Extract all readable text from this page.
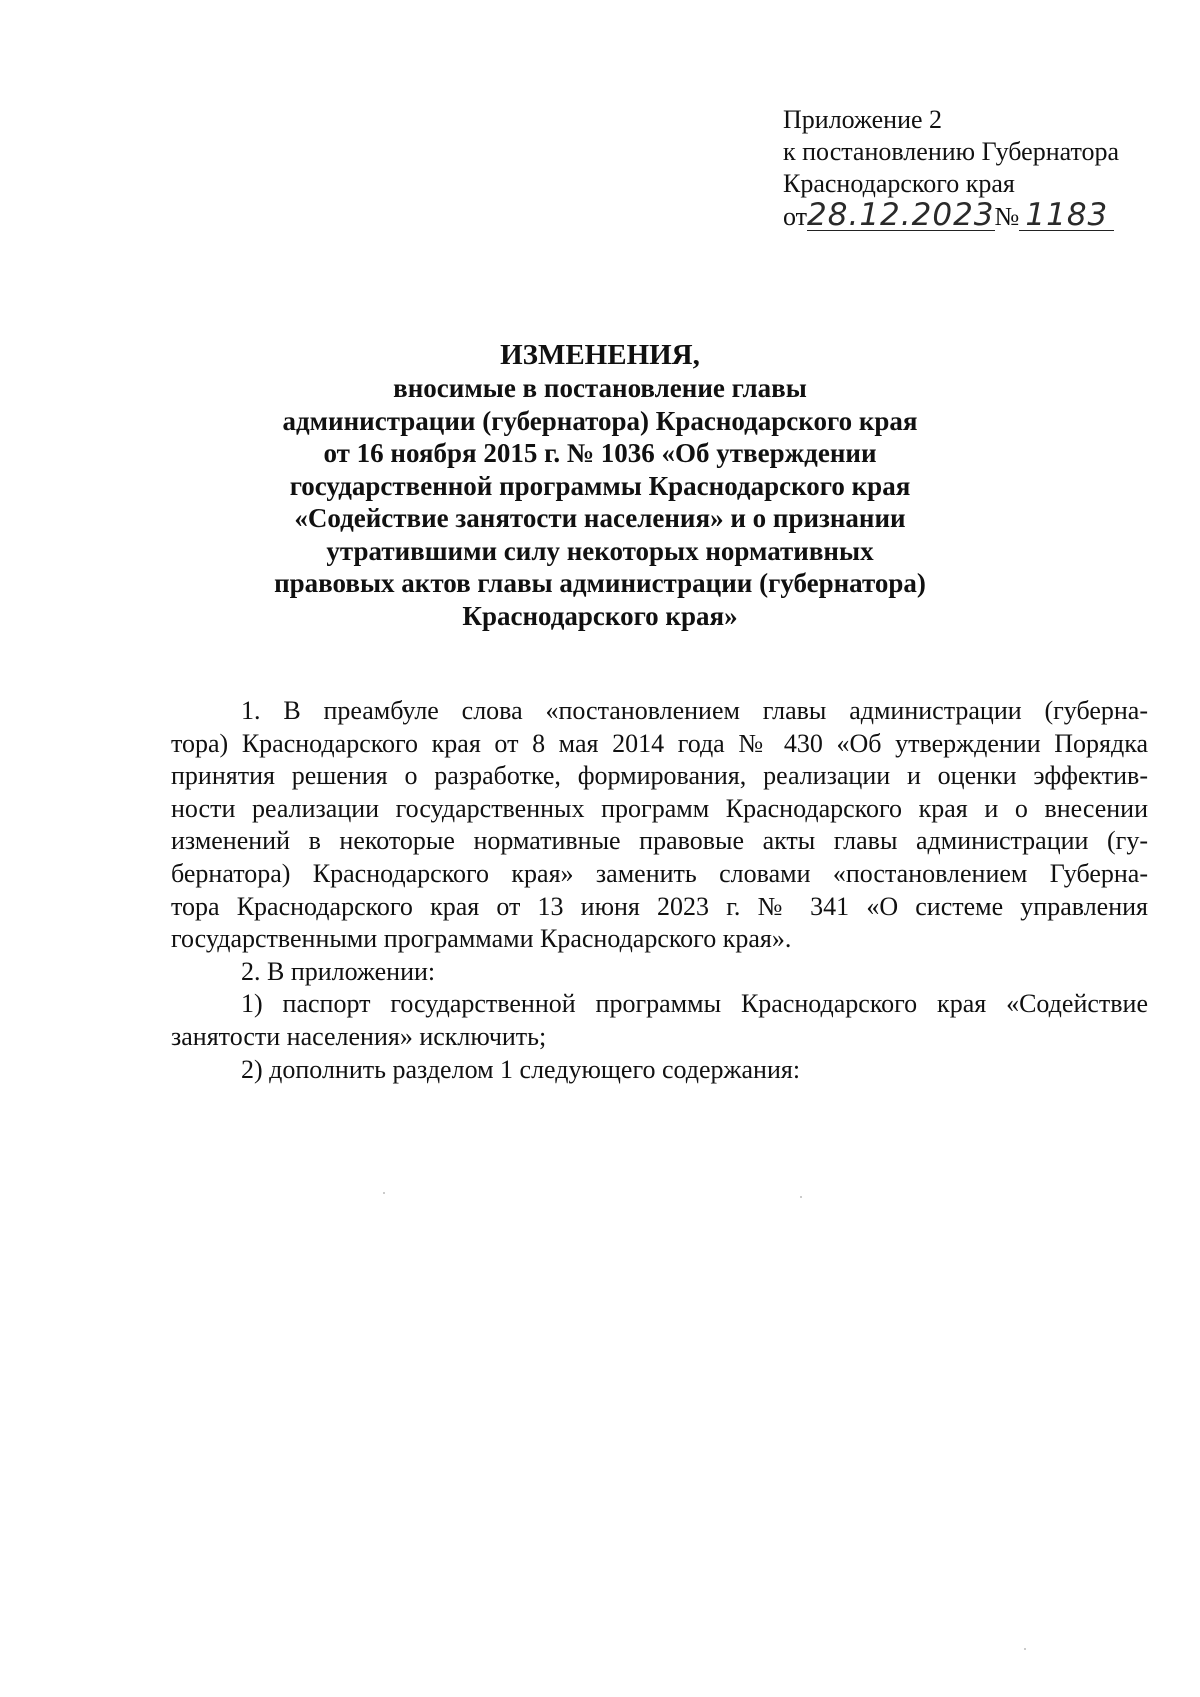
Приложение 2
к постановлению Губернатора
Краснодарского края
от28.12.2023№ 1183
ИЗМЕНЕНИЯ,
вносимые в постановление главы
администрации (губернатора) Краснодарского края
от 16 ноября 2015 г. № 1036 «Об утверждении
государственной программы Краснодарского края
«Содействие занятости населения» и о признании
утратившими силу некоторых нормативных
правовых актов главы администрации (губернатора)
Краснодарского края»
1. В преамбуле слова «постановлением главы администрации (губерна-
тора) Краснодарского края от 8 мая 2014 года № 430 «Об утверждении Порядка
принятия решения о разработке, формирования, реализации и оценки эффектив-
ности реализации государственных программ Краснодарского края и о внесении
изменений в некоторые нормативные правовые акты главы администрации (гу-
бернатора) Краснодарского края» заменить словами «постановлением Губерна-
тора Краснодарского края от 13 июня 2023 г. № 341 «О системе управления
государственными программами Краснодарского края».
2. В приложении:
1) паспорт государственной программы Краснодарского края «Содействие
занятости населения» исключить;
2) дополнить разделом 1 следующего содержания:
